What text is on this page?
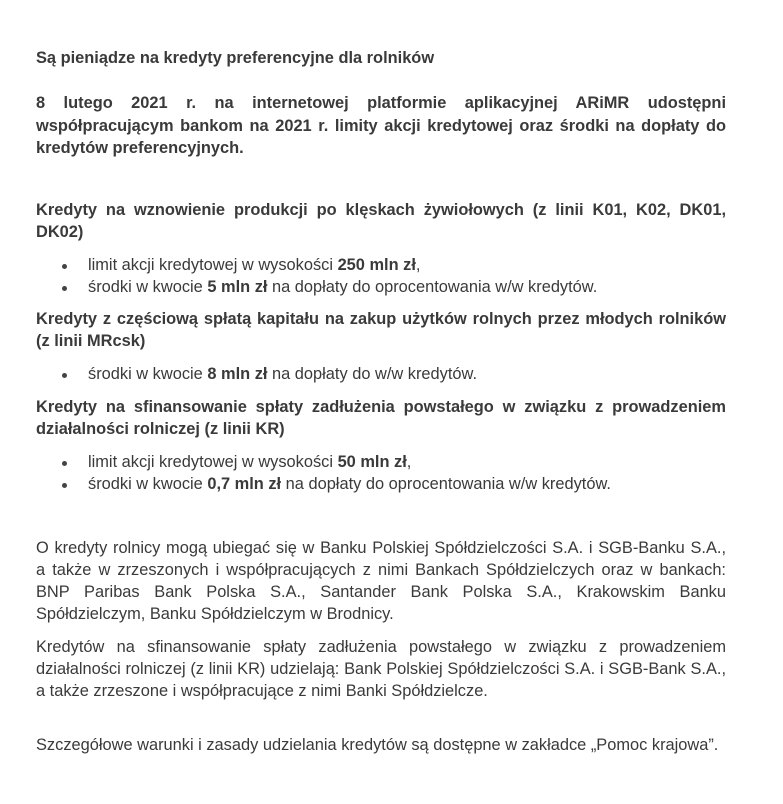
Są pieniądze na kredyty preferencyjne dla rolników
8 lutego 2021 r. na internetowej platformie aplikacyjnej ARiMR udostępni
współpracującym bankom na 2021 r. limity akcji kredytowej oraz środki na dopłaty do
kredytów preferencyjnych.
Kredyty na wznowienie produkcji po klęskach żywiołowych (z linii K01, K02, DK01,
DK02)
limit akcji kredytowej w wysokości 250 mln zł,
środki w kwocie 5 mln zł na dopłaty do oprocentowania w/w kredytów.
Kredyty z częściową spłatą kapitału na zakup użytków rolnych przez młodych rolników
(z linii MRcsk)
środki w kwocie 8 mln zł na dopłaty do w/w kredytów.
Kredyty na sfinansowanie spłaty zadłużenia powstałego w związku z prowadzeniem
działalności rolniczej (z linii KR)
limit akcji kredytowej w wysokości 50 mln zł,
środki w kwocie 0,7 mln zł na dopłaty do oprocentowania w/w kredytów.
O kredyty rolnicy mogą ubiegać się w Banku Polskiej Spółdzielczości S.A. i SGB-Banku S.A.,
a także w zrzeszonych i współpracujących z nimi Bankach Spółdzielczych oraz w bankach:
BNP Paribas Bank Polska S.A., Santander Bank Polska S.A., Krakowskim Banku
Spółdzielczym, Banku Spółdzielczym w Brodnicy.
Kredytów na sfinansowanie spłaty zadłużenia powstałego w związku z prowadzeniem
działalności rolniczej (z linii KR) udzielają: Bank Polskiej Spółdzielczości S.A. i SGB-Bank S.A.,
a także zrzeszone i współpracujące z nimi Banki Spółdzielcze.
Szczegółowe warunki i zasady udzielania kredytów są dostępne w zakładce „Pomoc krajowa”.
